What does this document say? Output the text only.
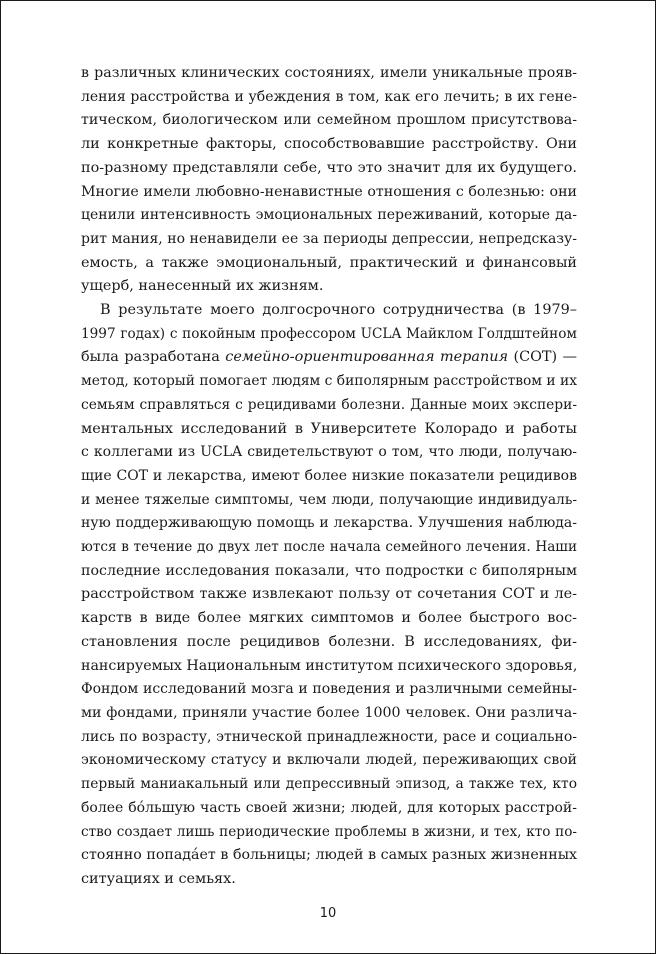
в различных клинических состояниях, имели уникальные прояв-
ления расстройства и убеждения в том, как его лечить; в их гене-
тическом, биологическом или семейном прошлом присутствова-
ли конкретные факторы, способствовавшие расстройству. Они
по-разному представляли себе, что это значит для их будущего.
Многие имели любовно-ненавистные отношения с болезнью: они
ценили интенсивность эмоциональных переживаний, которые да-
рит мания, но ненавидели ее за периоды депрессии, непредсказу-
емость, а также эмоциональный, практический и финансовый
ущерб, нанесенный их жизням.

В результате моего долгосрочного сотрудничества (в 1979–
1997 годах) с покойным профессором UCLA Майклом Голдштейном
была разработана семейно-ориентированная терапия (СОТ) —
метод, который помогает людям с биполярным расстройством и их
семьям справляться с рецидивами болезни. Данные моих экспери-
ментальных исследований в Университете Колорадо и работы
с коллегами из UCLA свидетельствуют о том, что люди, получаю-
щие СОТ и лекарства, имеют более низкие показатели рецидивов
и менее тяжелые симптомы, чем люди, получающие индивидуаль-
ную поддерживающую помощь и лекарства. Улучшения наблюда-
ются в течение до двух лет после начала семейного лечения. Наши
последние исследования показали, что подростки с биполярным
расстройством также извлекают пользу от сочетания СОТ и ле-
карств в виде более мягких симптомов и более быстрого вос-
становления после рецидивов болезни. В исследованиях, фи-
нансируемых Национальным институтом психического здоровья,
Фондом исследований мозга и поведения и различными семейны-
ми фондами, приняли участие более 1000 человек. Они различа-
лись по возрасту, этнической принадлежности, расе и социально-
экономическому статусу и включали людей, переживающих свой
первый маниакальный или депрессивный эпизод, а также тех, кто
более бóльшую часть своей жизни; людей, для которых расстрой-
ство создает лишь периодические проблемы в жизни, и тех, кто по-
стоянно попадáет в больницы; людей в самых разных жизненных
ситуациях и семьях.

10
